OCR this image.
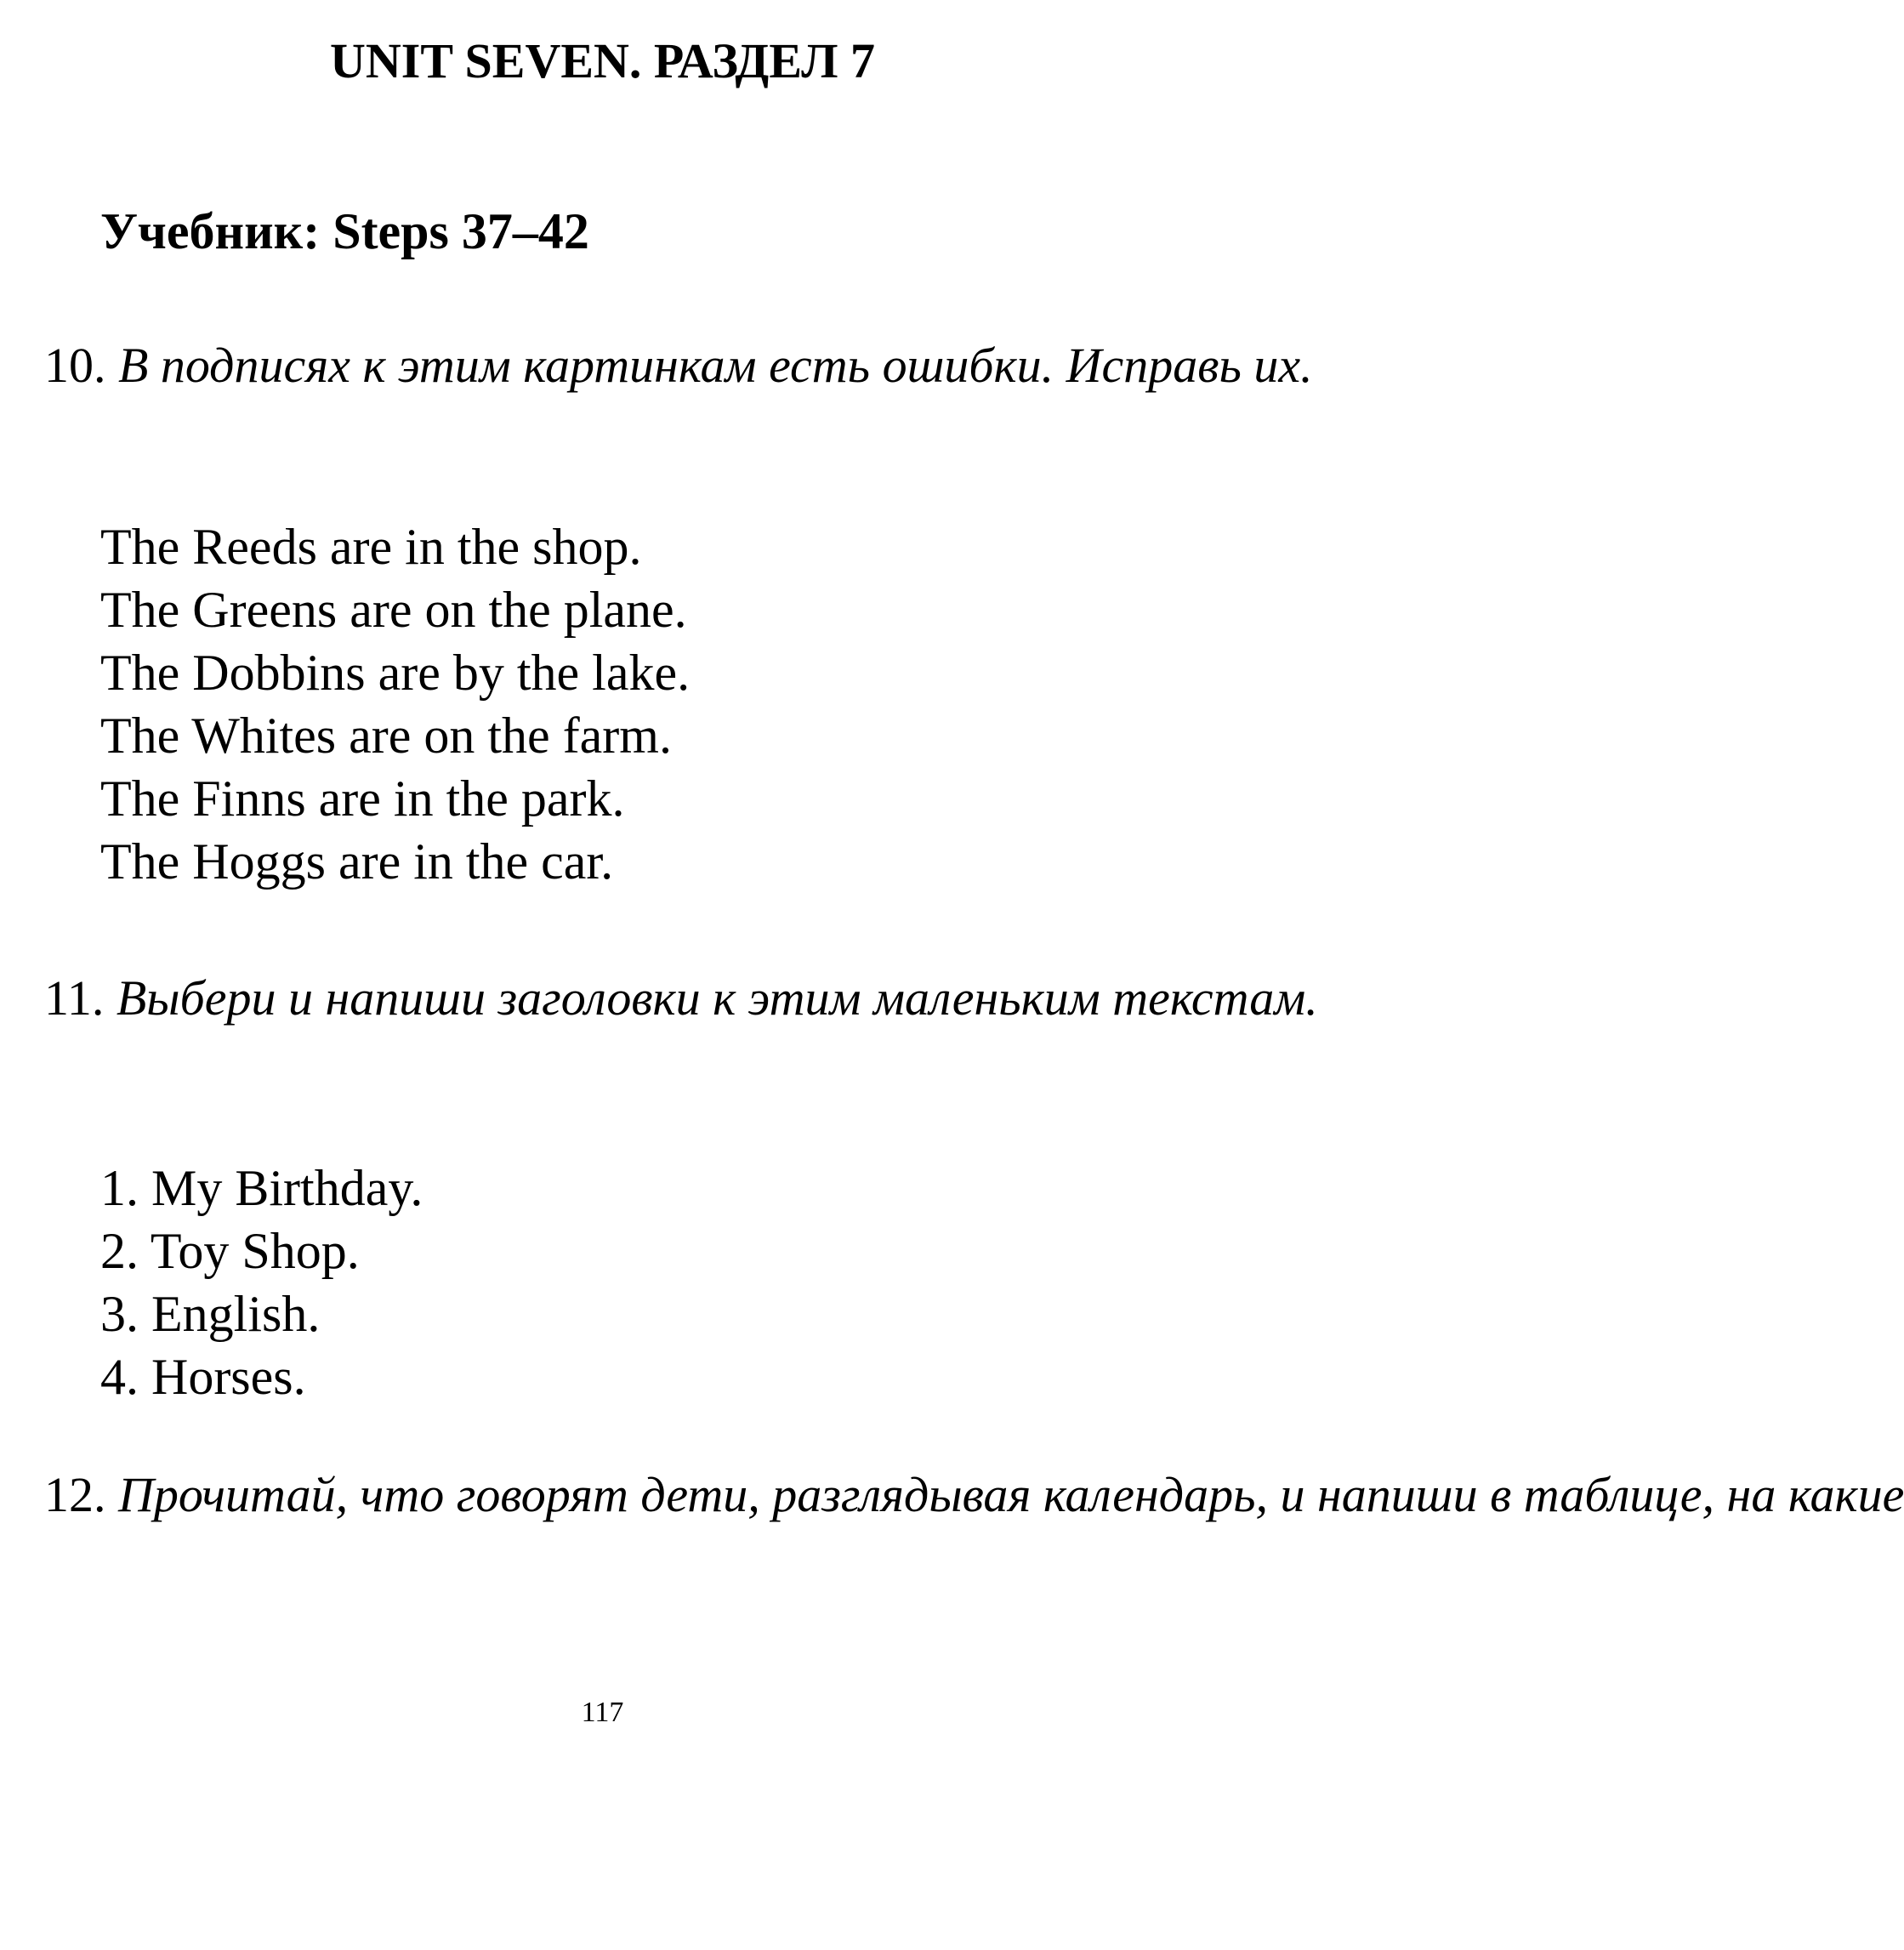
UNIT SEVEN. РАЗДЕЛ 7
Учебник: Steps 37–42
10. В подписях к этим картинкам есть ошибки. Исправь их.
The Reeds are in the shop.
The Greens are on the plane.
The Dobbins are by the lake.
The Whites are on the farm.
The Finns are in the park.
The Hoggs are in the car.
11. Выбери и напиши заголовки к этим маленьким текстам.
1. My Birthday.
2. Toy Shop.
3. English.
4. Horses.
12. Прочитай, что говорят дети, разглядывая календарь, и напиши в таблице, на какие
117
